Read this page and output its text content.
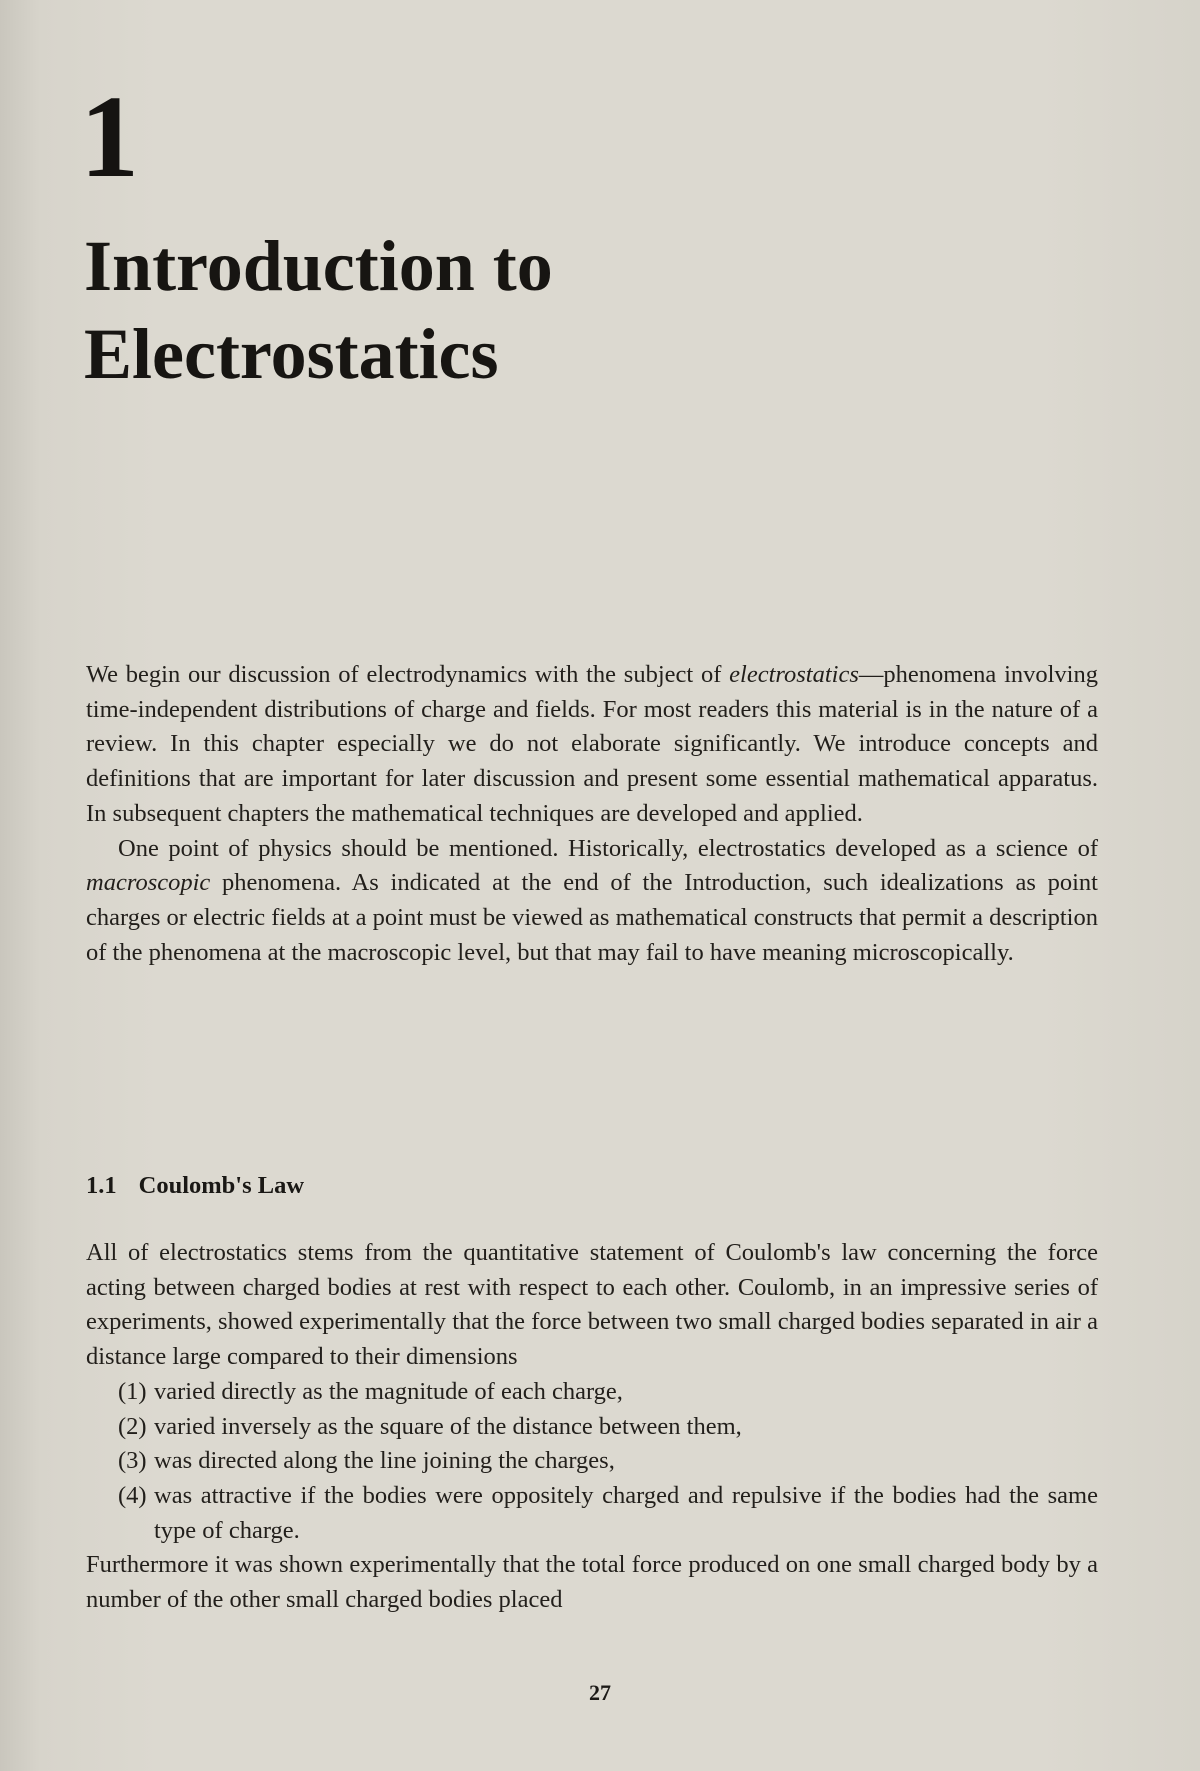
1
Introduction to
Electrostatics

We begin our discussion of electrodynamics with the subject of electrostatics—phenomena involving time-independent distributions of charge and fields. For most readers this material is in the nature of a review. In this chapter especially we do not elaborate significantly. We introduce concepts and definitions that are important for later discussion and present some essential mathematical apparatus. In subsequent chapters the mathematical techniques are developed and applied.

One point of physics should be mentioned. Historically, electrostatics developed as a science of macroscopic phenomena. As indicated at the end of the Introduction, such idealizations as point charges or electric fields at a point must be viewed as mathematical constructs that permit a description of the phenomena at the macroscopic level, but that may fail to have meaning microscopically.

1.1 Coulomb's Law

All of electrostatics stems from the quantitative statement of Coulomb's law concerning the force acting between charged bodies at rest with respect to each other. Coulomb, in an impressive series of experiments, showed experimentally that the force between two small charged bodies separated in air a distance large compared to their dimensions

(1) varied directly as the magnitude of each charge,
(2) varied inversely as the square of the distance between them,
(3) was directed along the line joining the charges,
(4) was attractive if the bodies were oppositely charged and repulsive if the bodies had the same type of charge.

Furthermore it was shown experimentally that the total force produced on one small charged body by a number of the other small charged bodies placed

27
